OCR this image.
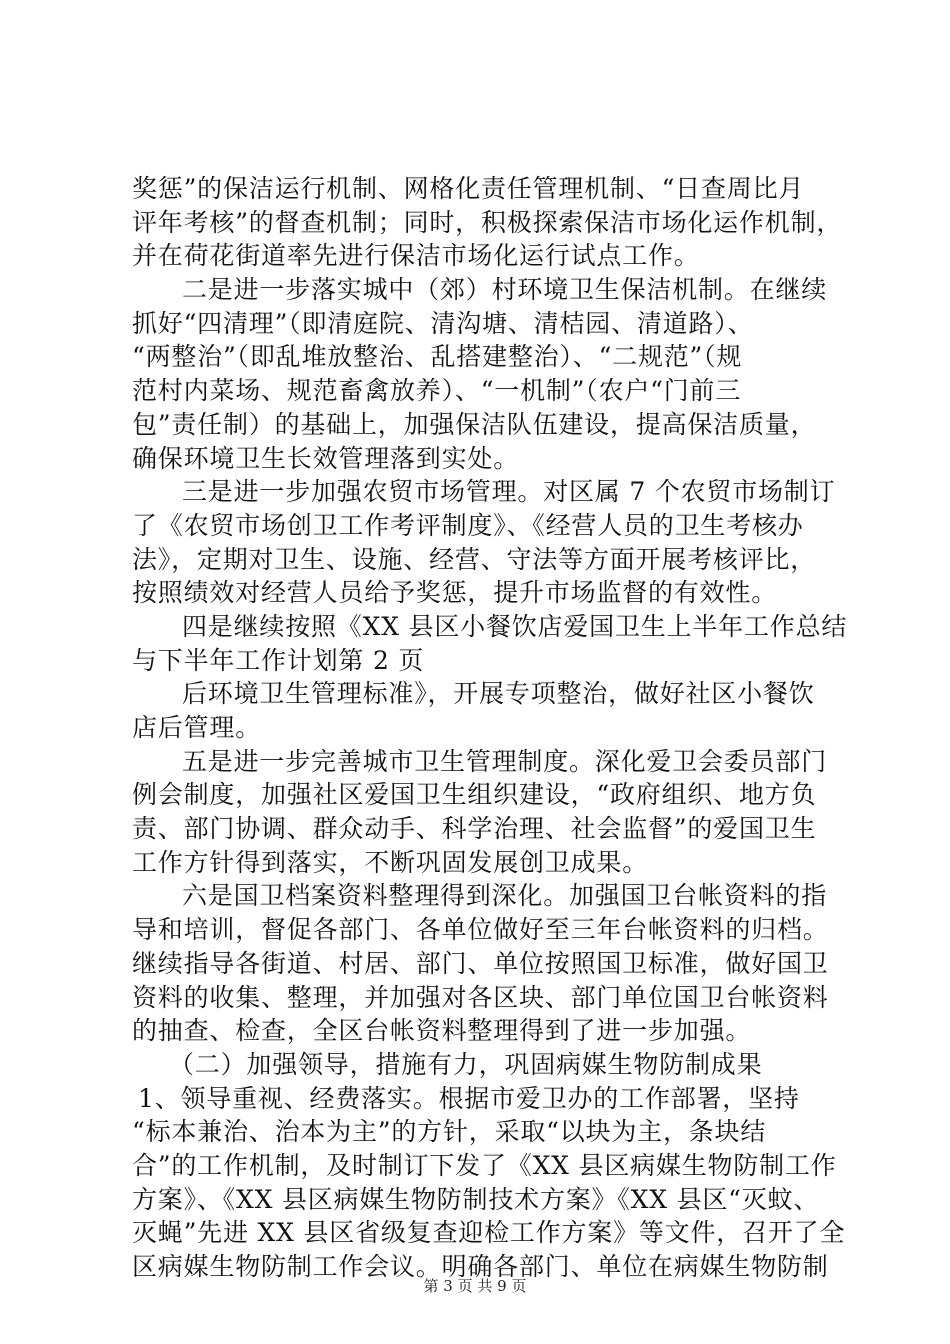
奖惩”的保洁运行机制、网格化责任管理机制、“日查周比月
评年考核”的督查机制；同时，积极探索保洁市场化运作机制，
并在荷花街道率先进行保洁市场化运行试点工作。
二是进一步落实城中（郊）村环境卫生保洁机制。在继续
抓好“四清理”（即清庭院、清沟塘、清桔园、清道路）、
“两整治”（即乱堆放整治、乱搭建整治）、“二规范”（规
范村内菜场、规范畜禽放养）、“一机制”（农户“门前三
包”责任制）的基础上，加强保洁队伍建设，提高保洁质量，
确保环境卫生长效管理落到实处。
三是进一步加强农贸市场管理。对区属 7 个农贸市场制订
了《农贸市场创卫工作考评制度》、《经营人员的卫生考核办
法》，定期对卫生、设施、经营、守法等方面开展考核评比，
按照绩效对经营人员给予奖惩，提升市场监督的有效性。
四是继续按照《XX 县区小餐饮店爱国卫生上半年工作总结
与下半年工作计划第 2 页
后环境卫生管理标准》，开展专项整治，做好社区小餐饮
店后管理。
五是进一步完善城市卫生管理制度。深化爱卫会委员部门
例会制度，加强社区爱国卫生组织建设，“政府组织、地方负
责、部门协调、群众动手、科学治理、社会监督”的爱国卫生
工作方针得到落实，不断巩固发展创卫成果。
六是国卫档案资料整理得到深化。加强国卫台帐资料的指
导和培训，督促各部门、各单位做好至三年台帐资料的归档。
继续指导各街道、村居、部门、单位按照国卫标准，做好国卫
资料的收集、整理，并加强对各区块、部门单位国卫台帐资料
的抽查、检查，全区台帐资料整理得到了进一步加强。
（二）加强领导，措施有力，巩固病媒生物防制成果
1、领导重视、经费落实。根据市爱卫办的工作部署，坚持
“标本兼治、治本为主”的方针，采取“以块为主，条块结
合”的工作机制，及时制订下发了《XX 县区病媒生物防制工作
方案》、《XX 县区病媒生物防制技术方案》《XX 县区“灭蚊、
灭蝇”先进 XX 县区省级复查迎检工作方案》等文件，召开了全
区病媒生物防制工作会议。明确各部门、单位在病媒生物防制
第 3 页 共 9 页
